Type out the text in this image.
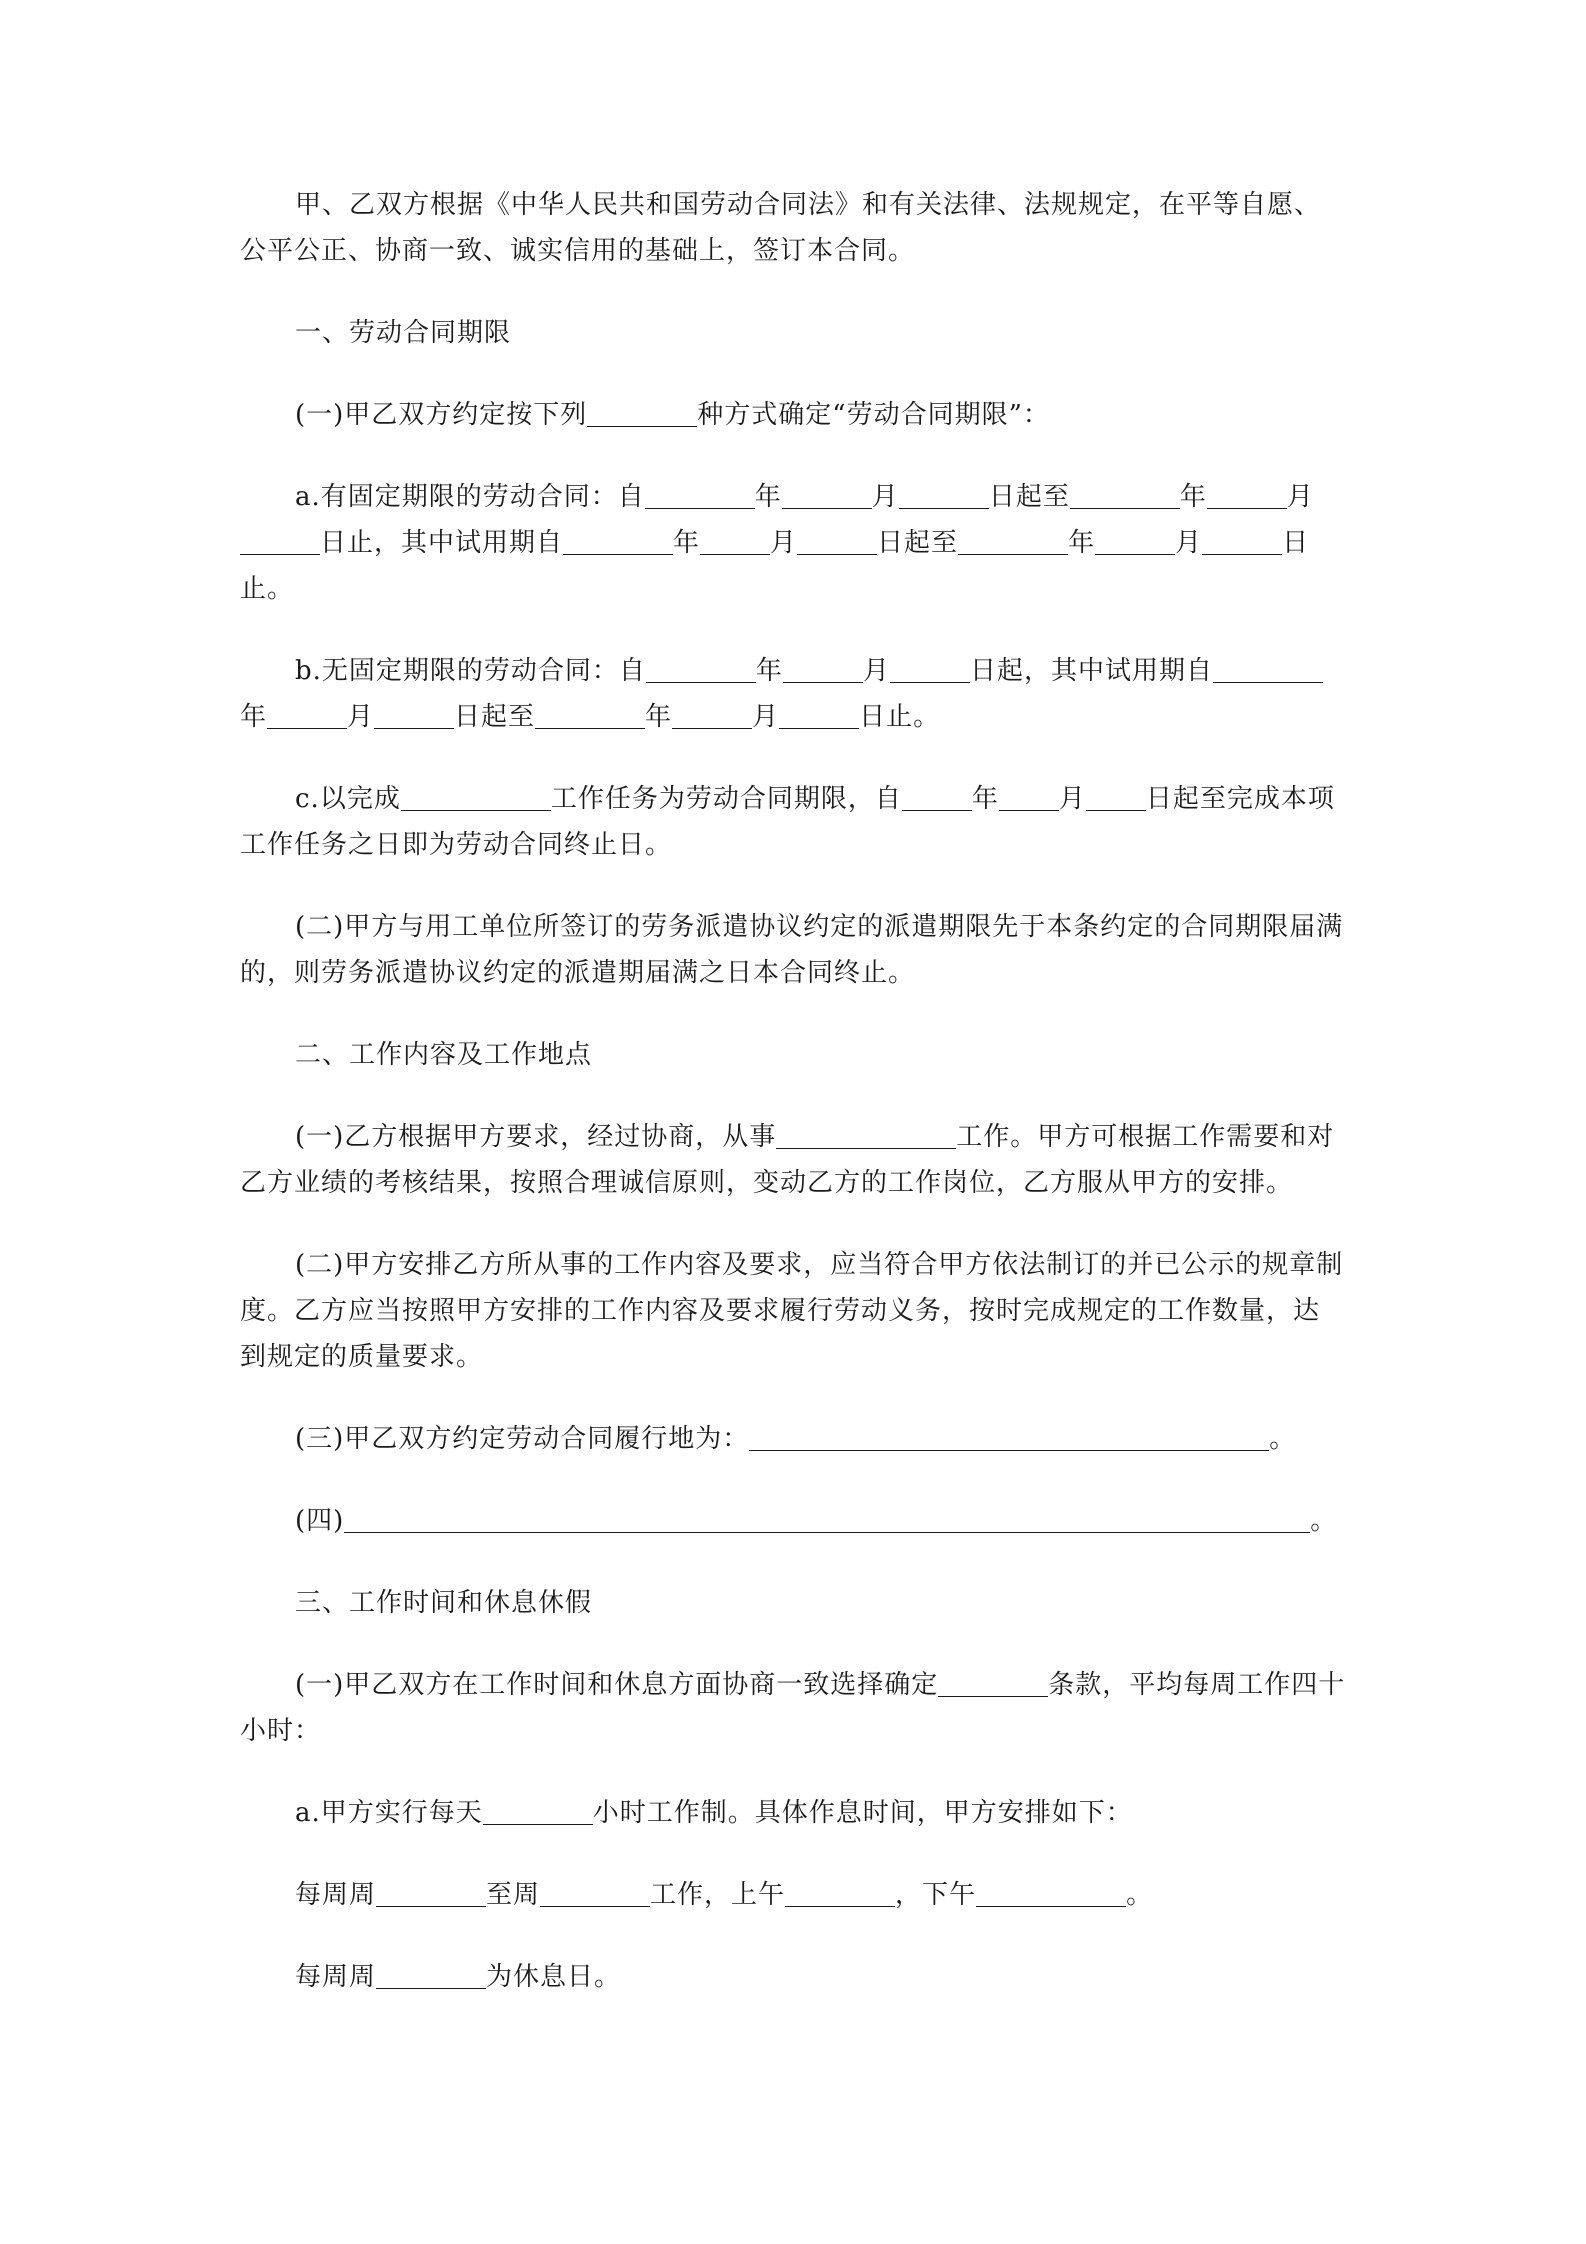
甲、乙双方根据《中华人民共和国劳动合同法》和有关法律、法规规定，在平等自愿、公平公正、协商一致、诚实信用的基础上，签订本合同。

一、劳动合同期限

(一)甲乙双方约定按下列	种方式确定“劳动合同期限”：

a.有固定期限的劳动合同：自	年	月	日起至	年	月日止，其中试用期自	年	月	日起至	年	月	日止。

b.无固定期限的劳动合同：自	年	月	日起，其中试用期自年	月	日起至	年	月	日止。

c.以完成	工作任务为劳动合同期限，自	年 月 日起至完成本项工作任务之日即为劳动合同终止日。

(二)甲方与用工单位所签订的劳务派遣协议约定的派遣期限先于本条约定的合同期限届满的，则劳务派遣协议约定的派遣期届满之日本合同终止。

二、工作内容及工作地点

(一)乙方根据甲方要求，经过协商，从事	工作。甲方可根据工作需要和对乙方业绩的考核结果，按照合理诚信原则，变动乙方的工作岗位，乙方服从甲方的安排。

(二)甲方安排乙方所从事的工作内容及要求，应当符合甲方依法制订的并已公示的规章制度。乙方应当按照甲方安排的工作内容及要求履行劳动义务，按时完成规定的工作数量，达到规定的质量要求。

(三)甲乙双方约定劳动合同履行地为：	。

(四)	。

三、工作时间和休息休假

(一)甲乙双方在工作时间和休息方面协商一致选择确定	条款，平均每周工作四十小时：

a.甲方实行每天	小时工作制。具体作息时间，甲方安排如下：

每周周	至周	工作，上午	，下午	。

每周周	为休息日。
